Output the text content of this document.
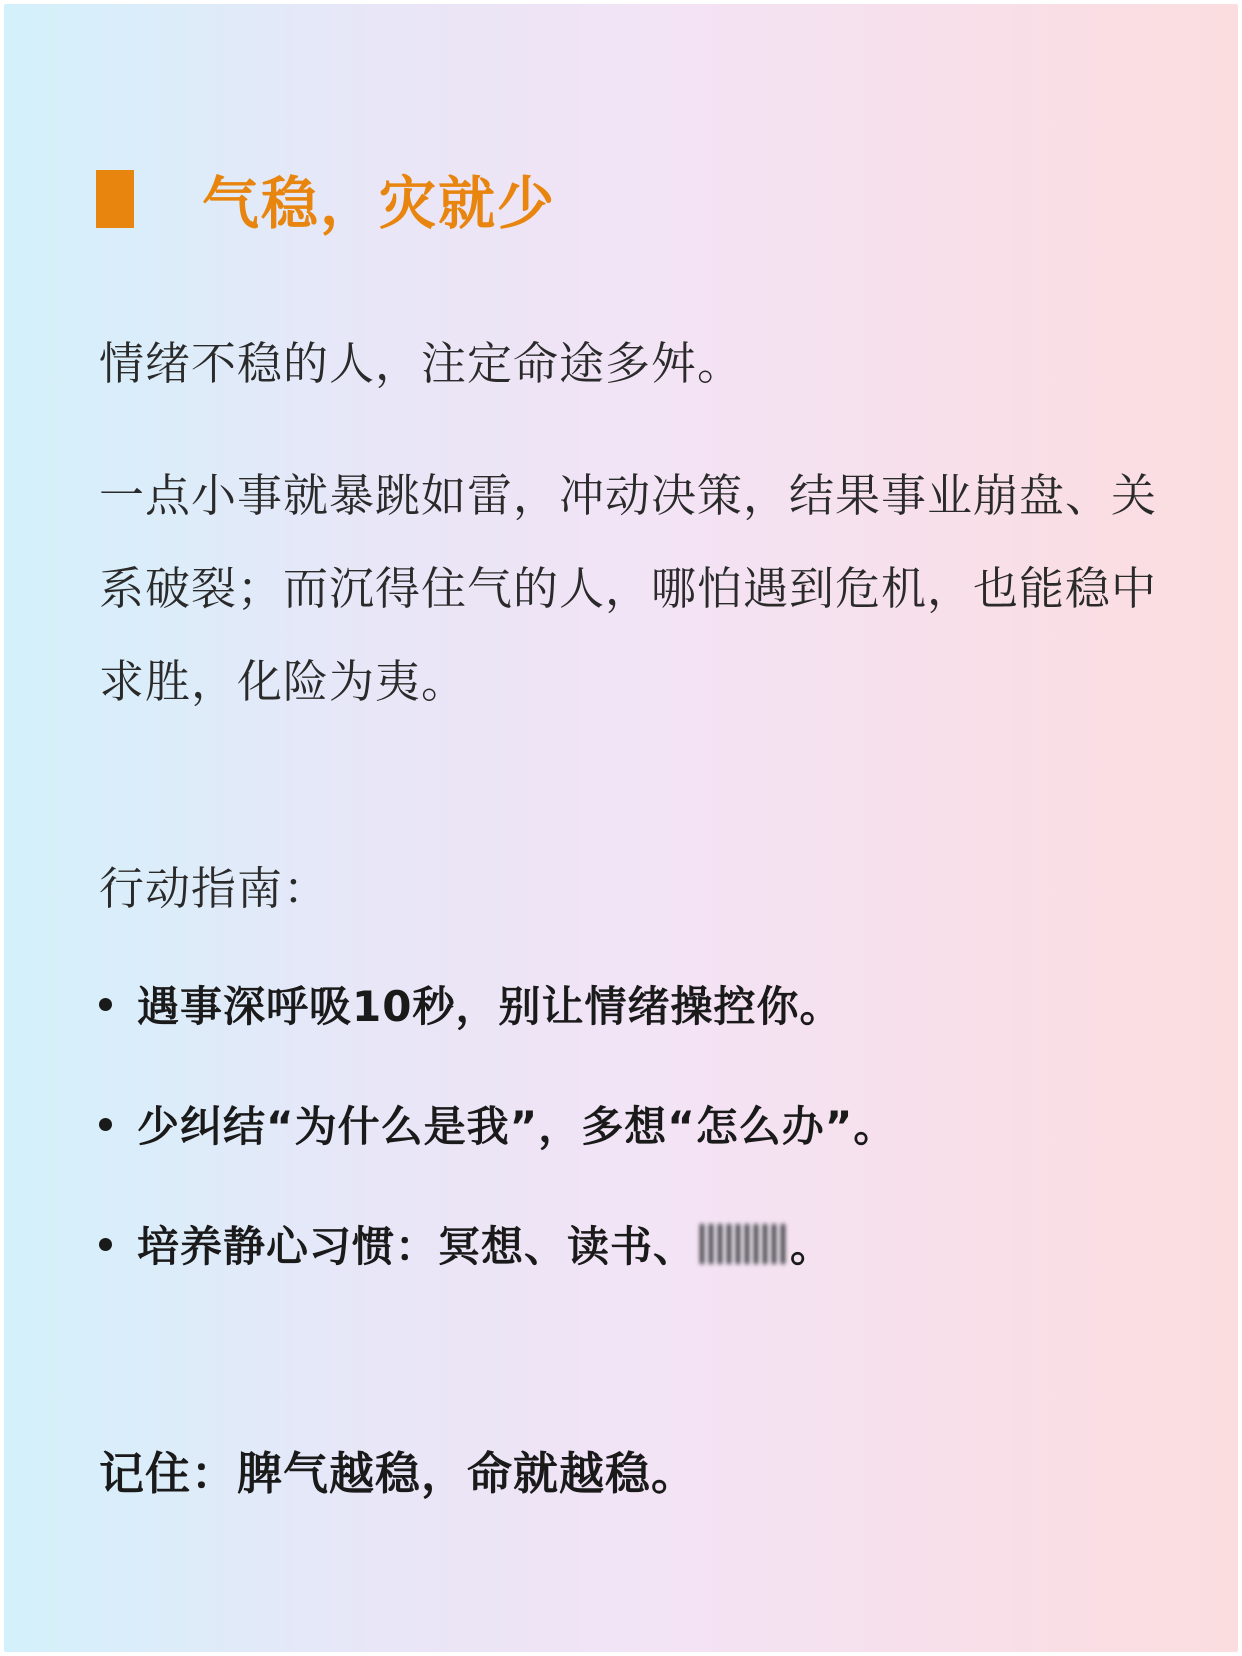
气稳，灾就少

情绪不稳的人，注定命途多舛。

一点小事就暴跳如雷，冲动决策，结果事业崩盘、关系破裂；而沉得住气的人，哪怕遇到危机，也能稳中求胜，化险为夷。

行动指南：
遇事深呼吸10秒，别让情绪操控你。
少纠结“为什么是我”，多想“怎么办”。
培养静心习惯：冥想、读书、 。
记住：脾气越稳，命就越稳。
